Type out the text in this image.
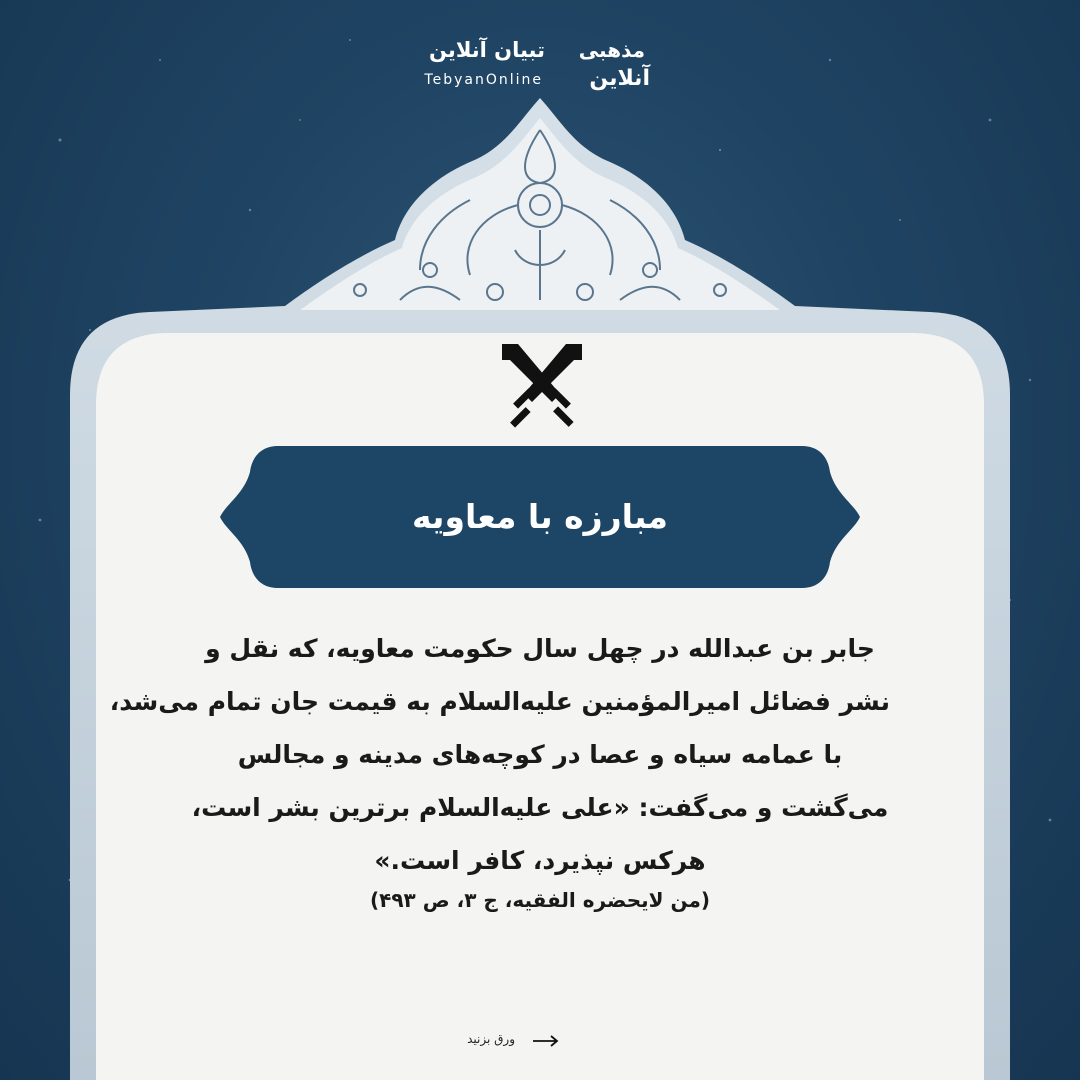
تبیان آنلاین
TebyanOnline
مذهبی
آنلاین
مبارزه با معاویه
جابر بن عبدالله در چهل سال حکومت معاویه، که نقل و
نشر فضائل امیرالمؤمنین عليه‌السلام به قیمت جان تمام می‌شد،
با عمامه سیاه و عصا در کوچه‌های مدینه و مجالس
می‌گشت و می‌گفت: «علی عليه‌السلام برترین بشر است،
هرکس نپذیرد، کافر است.»
(من لایحضره الفقیه، ج ۳، ص ۴۹۳)
ورق بزنید
